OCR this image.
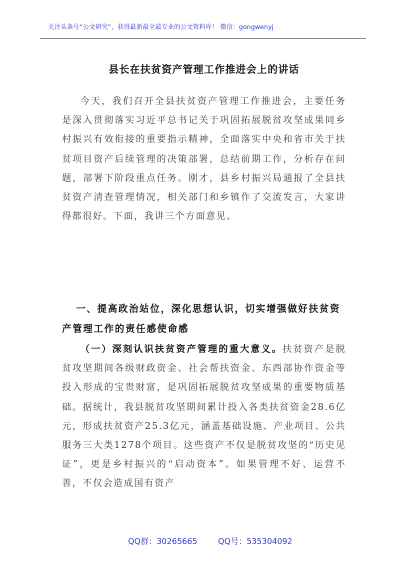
关注头条号“公文研究”，获得最新最全最专业的公文资料库！ 微信：gongwenyj
县长在扶贫资产管理工作推进会上的讲话

今天，我们召开全县扶贫资产管理工作推进会，主要任务是深入贯彻落实习近平总书记关于巩固拓展脱贫攻坚成果同乡村振兴有效衔接的重要指示精神，全面落实中央和省市关于扶贫项目资产后续管理的决策部署，总结前期工作，分析存在问题，部署下阶段重点任务。刚才，县乡村振兴局通报了全县扶贫资产清查管理情况，相关部门和乡镇作了交流发言，大家讲得都很好。下面，我讲三个方面意见。

一、提高政治站位，深化思想认识，切实增强做好扶贫资产管理工作的责任感使命感

（一）深刻认识扶贫资产管理的重大意义。扶贫资产是脱贫攻坚期间各级财政资金、社会帮扶资金、东西部协作资金等投入形成的宝贵财富，是巩固拓展脱贫攻坚成果的重要物质基础。据统计，我县脱贫攻坚期间累计投入各类扶贫资金28.6亿元，形成扶贫资产25.3亿元，涵盖基础设施、产业项目、公共服务三大类1278个项目。这些资产不仅是脱贫攻坚的“历史见证”，更是乡村振兴的“启动资本”。如果管理不好、运营不善，不仅会造成国有资产

QQ群：30265665	QQ号：535304092
